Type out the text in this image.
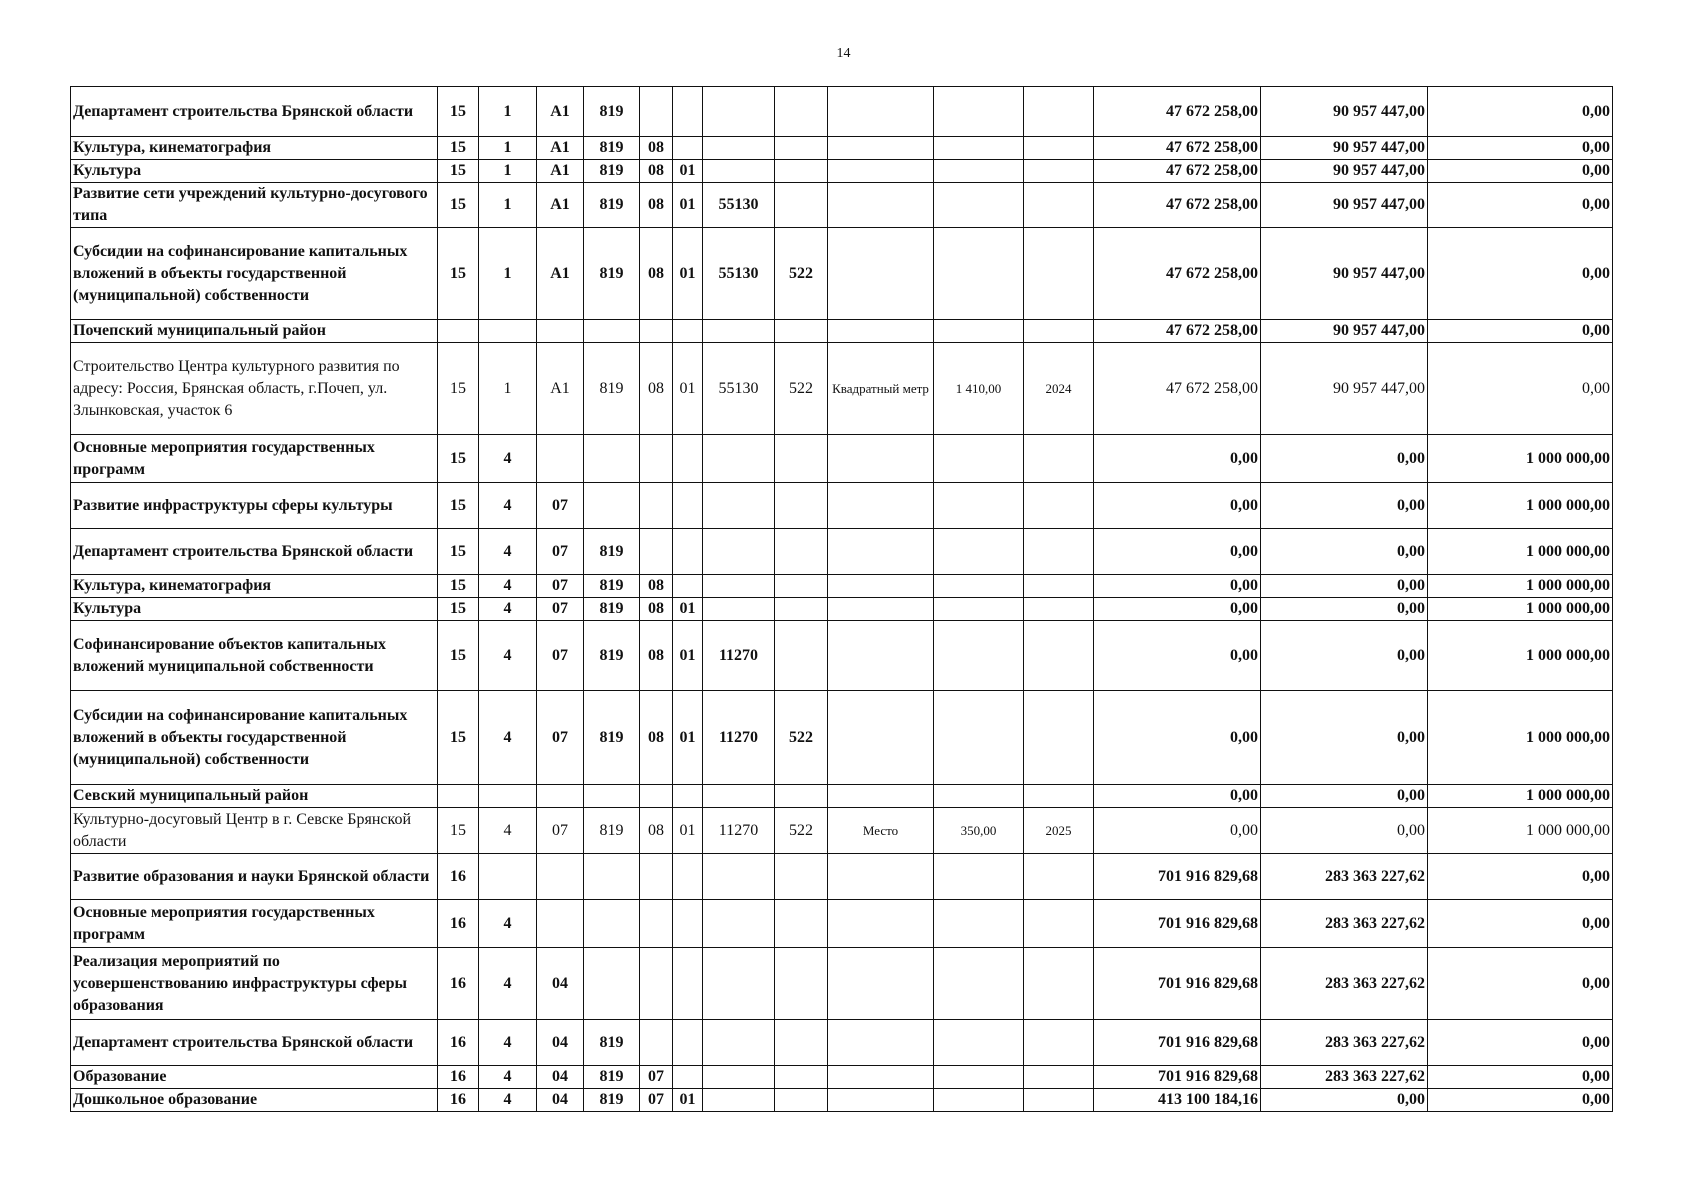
14
Департамент строительства Брянской области	15	1	А1	819								47 672 258,00	90 957 447,00	0,00
Культура, кинематография	15	1	А1	819	08							47 672 258,00	90 957 447,00	0,00
Культура	15	1	А1	819	08	01						47 672 258,00	90 957 447,00	0,00
Развитие сети учреждений культурно-досугового типа	15	1	А1	819	08	01	55130					47 672 258,00	90 957 447,00	0,00
Субсидии на софинансирование капитальных вложений в объекты государственной (муниципальной) собственности	15	1	А1	819	08	01	55130	522				47 672 258,00	90 957 447,00	0,00
Почепский муниципальный район												47 672 258,00	90 957 447,00	0,00
Строительство Центра культурного развития по адресу: Россия, Брянская область, г.Почеп, ул. Злынковская, участок 6	15	1	А1	819	08	01	55130	522	Квадратный метр	1 410,00	2024	47 672 258,00	90 957 447,00	0,00
Основные мероприятия государственных программ	15	4										0,00	0,00	1 000 000,00
Развитие инфраструктуры сферы культуры	15	4	07									0,00	0,00	1 000 000,00
Департамент строительства Брянской области	15	4	07	819								0,00	0,00	1 000 000,00
Культура, кинематография	15	4	07	819	08							0,00	0,00	1 000 000,00
Культура	15	4	07	819	08	01						0,00	0,00	1 000 000,00
Софинансирование объектов капитальных вложений муниципальной собственности	15	4	07	819	08	01	11270					0,00	0,00	1 000 000,00
Субсидии на софинансирование капитальных вложений в объекты государственной (муниципальной) собственности	15	4	07	819	08	01	11270	522				0,00	0,00	1 000 000,00
Севский муниципальный район												0,00	0,00	1 000 000,00
Культурно-досуговый Центр в г. Севске Брянской области	15	4	07	819	08	01	11270	522	Место	350,00	2025	0,00	0,00	1 000 000,00
Развитие образования и науки Брянской области	16											701 916 829,68	283 363 227,62	0,00
Основные мероприятия государственных программ	16	4										701 916 829,68	283 363 227,62	0,00
Реализация мероприятий по усовершенствованию инфраструктуры сферы образования	16	4	04									701 916 829,68	283 363 227,62	0,00
Департамент строительства Брянской области	16	4	04	819								701 916 829,68	283 363 227,62	0,00
Образование	16	4	04	819	07							701 916 829,68	283 363 227,62	0,00
Дошкольное образование	16	4	04	819	07	01						413 100 184,16	0,00	0,00
